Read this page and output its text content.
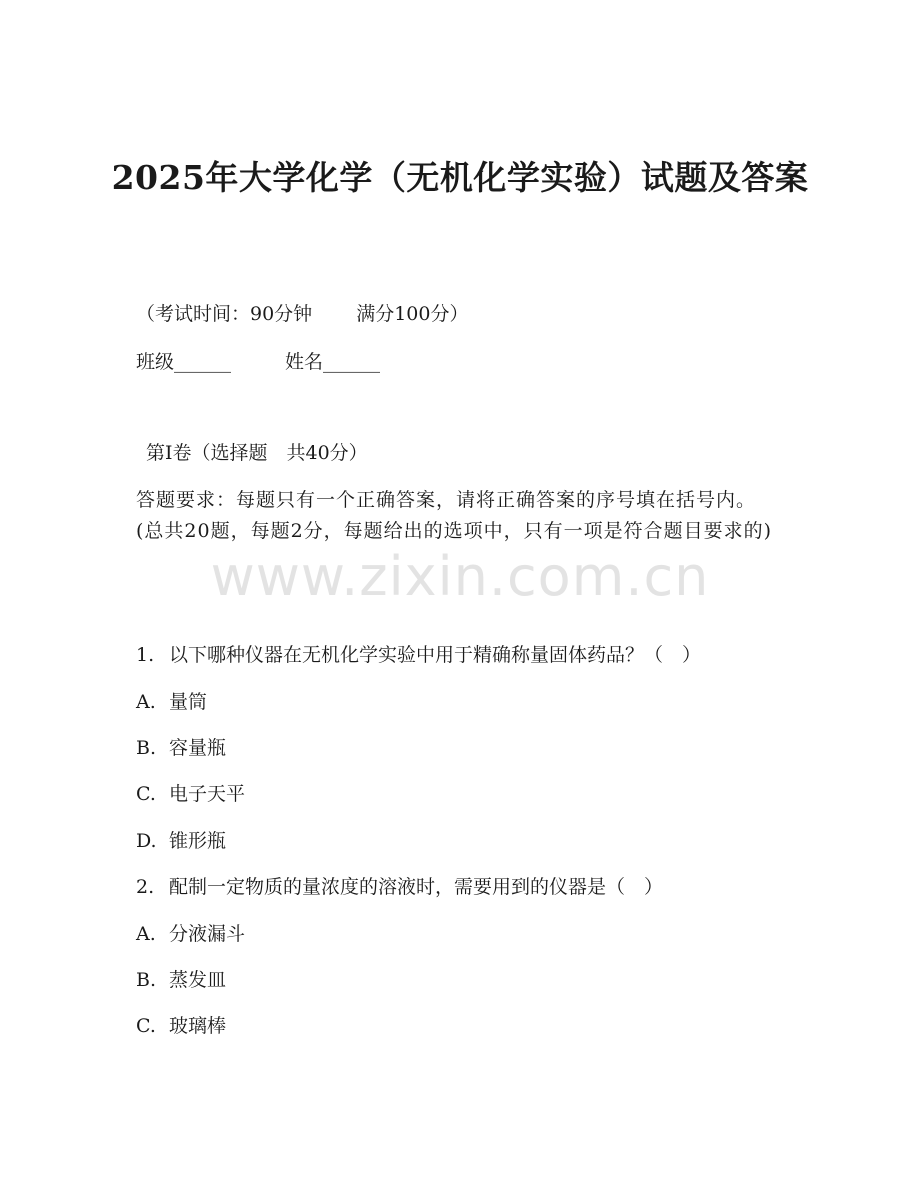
2025年大学化学（无机化学实验）试题及答案

（考试时间：90分钟 满分100分）

班级______	姓名______

第Ⅰ卷（选择题　共40分）

答题要求：每题只有一个正确答案，请将正确答案的序号填在括号内。(总共20题，每题2分，每题给出的选项中，只有一项是符合题目要求的)

www.zixin.com.cn

1. 以下哪种仪器在无机化学实验中用于精确称量固体药品？（　）

A. 量筒

B. 容量瓶

C. 电子天平

D. 锥形瓶

2. 配制一定物质的量浓度的溶液时，需要用到的仪器是（　）

A. 分液漏斗

B. 蒸发皿

C. 玻璃棒
